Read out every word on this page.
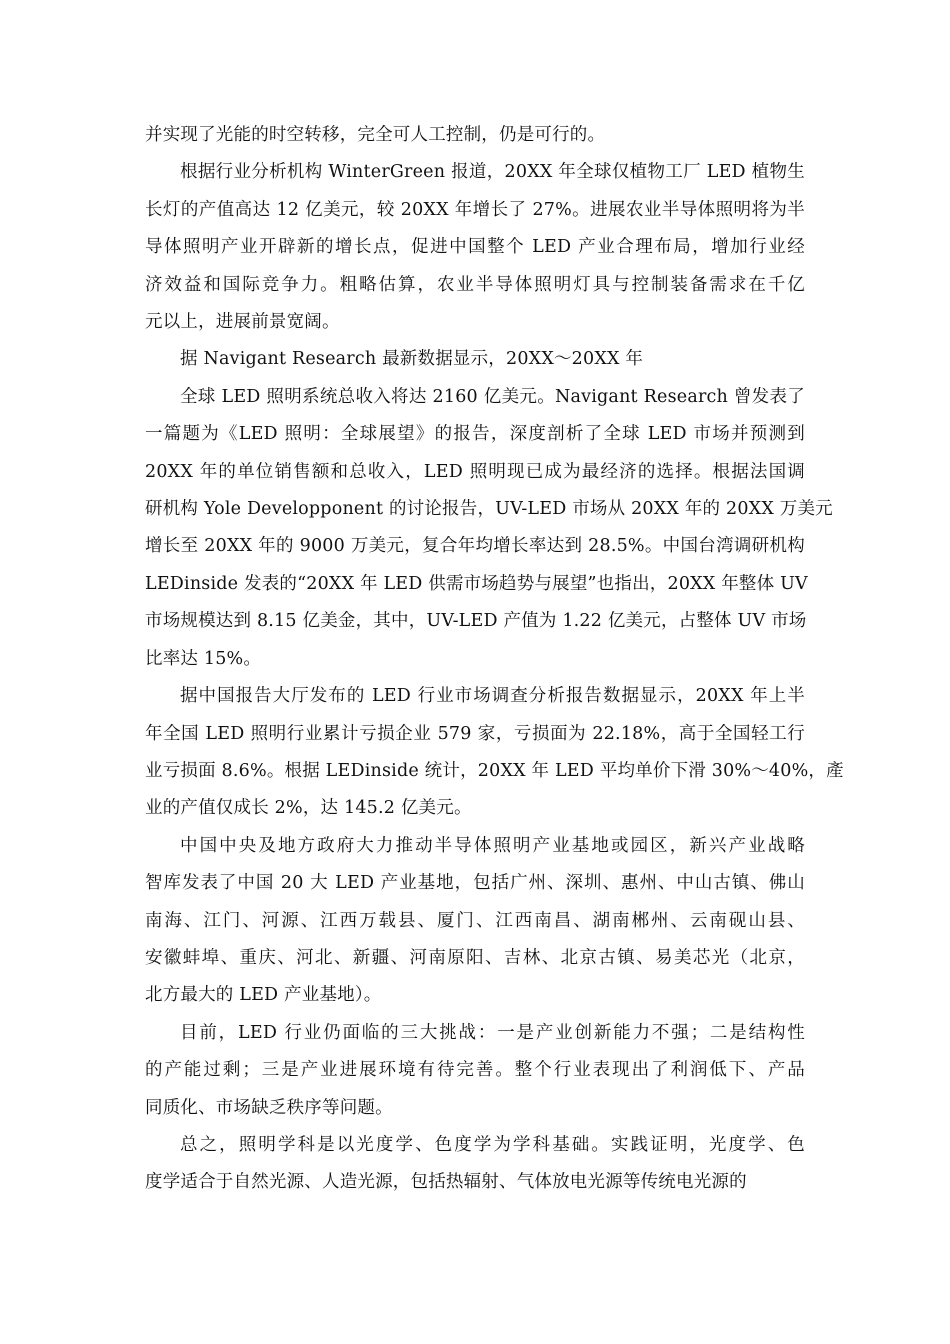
并实现了光能的时空转移，完全可人工控制，仍是可行的。
根据行业分析机构 WinterGreen 报道，20XX 年全球仅植物工厂 LED 植物生
长灯的产值高达 12 亿美元，较 20XX 年增长了 27%。进展农业半导体照明将为半
导体照明产业开辟新的增长点，促进中国整个 LED 产业合理布局，增加行业经
济效益和国际竞争力。粗略估算，农业半导体照明灯具与控制装备需求在千亿
元以上，进展前景宽阔。
据 Navigant Research 最新数据显示，20XX～20XX 年
全球 LED 照明系统总收入将达 2160 亿美元。Navigant Research 曾发表了
一篇题为《LED 照明：全球展望》的报告，深度剖析了全球 LED 市场并预测到
20XX 年的单位销售额和总收入，LED 照明现已成为最经济的选择。根据法国调
研机构 Yole Developponent 的讨论报告，UV-LED 市场从 20XX 年的 20XX 万美元
增长至 20XX 年的 9000 万美元，复合年均增长率达到 28.5%。中国台湾调研机构
LEDinside 发表的“20XX 年 LED 供需市场趋势与展望”也指出，20XX 年整体 UV
市场规模达到 8.15 亿美金，其中，UV-LED 产值为 1.22 亿美元，占整体 UV 市场
比率达 15%。
据中国报告大厅发布的 LED 行业市场调查分析报告数据显示，20XX 年上半
年全国 LED 照明行业累计亏损企业 579 家，亏损面为 22.18%，高于全国轻工行
业亏损面 8.6%。根据 LEDinside 统计，20XX 年 LED 平均单价下滑 30%～40%，產
业的产值仅成长 2%，达 145.2 亿美元。
中国中央及地方政府大力推动半导体照明产业基地或园区，新兴产业战略
智库发表了中国 20 大 LED 产业基地，包括广州、深圳、惠州、中山古镇、佛山
南海、江门、河源、江西万载县、厦门、江西南昌、湖南郴州、云南砚山县、
安徽蚌埠、重庆、河北、新疆、河南原阳、吉林、北京古镇、易美芯光（北京，
北方最大的 LED 产业基地）。
目前，LED 行业仍面临的三大挑战：一是产业创新能力不强；二是结构性
的产能过剩；三是产业进展环境有待完善。整个行业表现出了利润低下、产品
同质化、市场缺乏秩序等问题。
总之，照明学科是以光度学、色度学为学科基础。实践证明，光度学、色
度学适合于自然光源、人造光源，包括热辐射、气体放电光源等传统电光源的
